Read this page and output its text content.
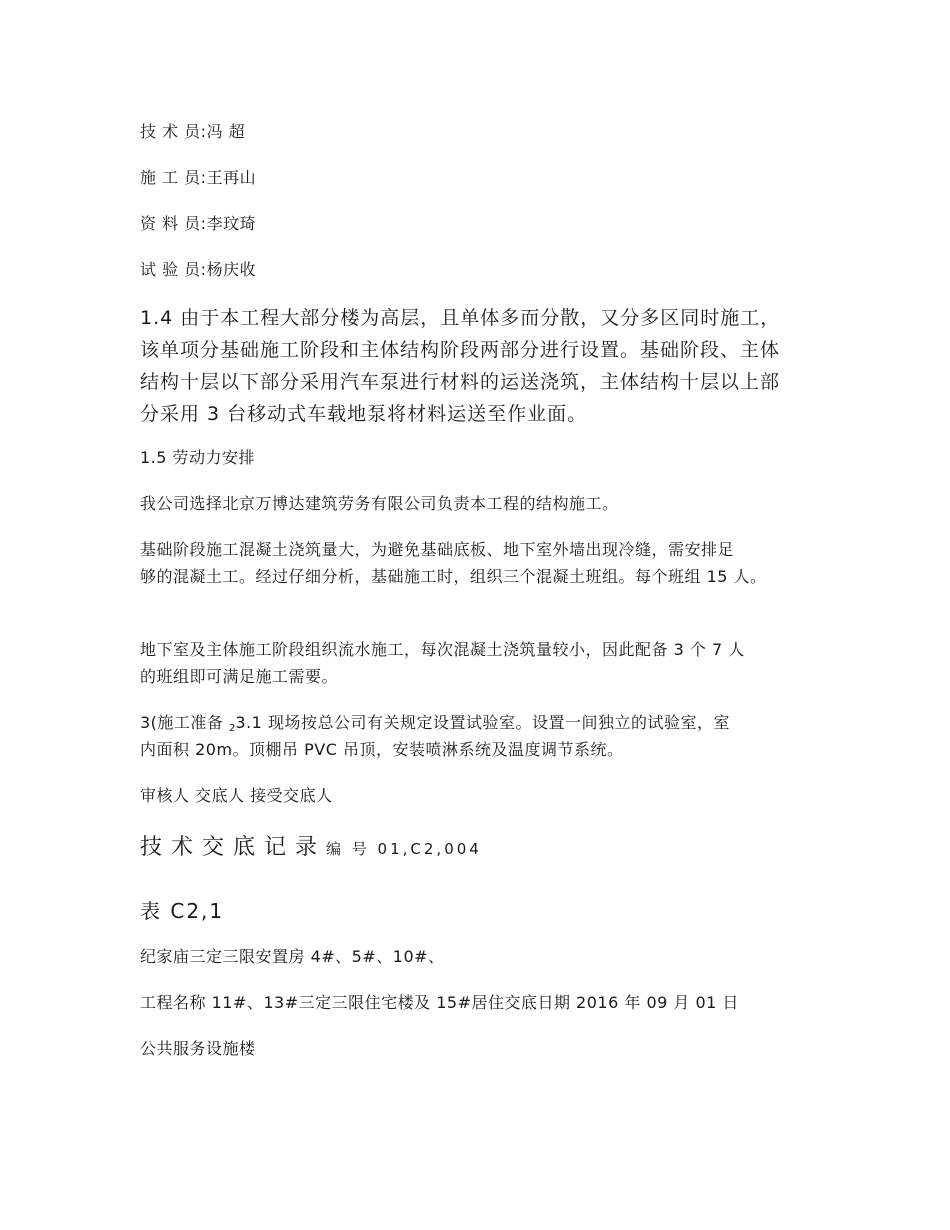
技 术 员:冯 超

施 工 员:王再山

资 料 员:李玟琦

试 验 员:杨庆收

1.4 由于本工程大部分楼为高层，且单体多而分散，又分多区同时施工，

该单项分基础施工阶段和主体结构阶段两部分进行设置。基础阶段、主体

结构十层以下部分采用汽车泵进行材料的运送浇筑，主体结构十层以上部

分采用 3 台移动式车载地泵将材料运送至作业面。

1.5 劳动力安排

我公司选择北京万博达建筑劳务有限公司负责本工程的结构施工。

基础阶段施工混凝土浇筑量大，为避免基础底板、地下室外墙出现冷缝，需安排足

够的混凝土工。经过仔细分析，基础施工时，组织三个混凝土班组。每个班组 15 人。

地下室及主体施工阶段组织流水施工，每次混凝土浇筑量较小，因此配备 3 个 7 人

的班组即可满足施工需要。

3(施工准备 23.1 现场按总公司有关规定设置试验室。设置一间独立的试验室，室

内面积 20m。顶棚吊 PVC 吊顶，安装喷淋系统及温度调节系统。

审核人 交底人 接受交底人

技术交底记录编 号 01,C2,004

表 C2,1

纪家庙三定三限安置房 4#、5#、10#、

工程名称 11#、13#三定三限住宅楼及 15#居住交底日期 2016 年 09 月 01 日

公共服务设施楼
